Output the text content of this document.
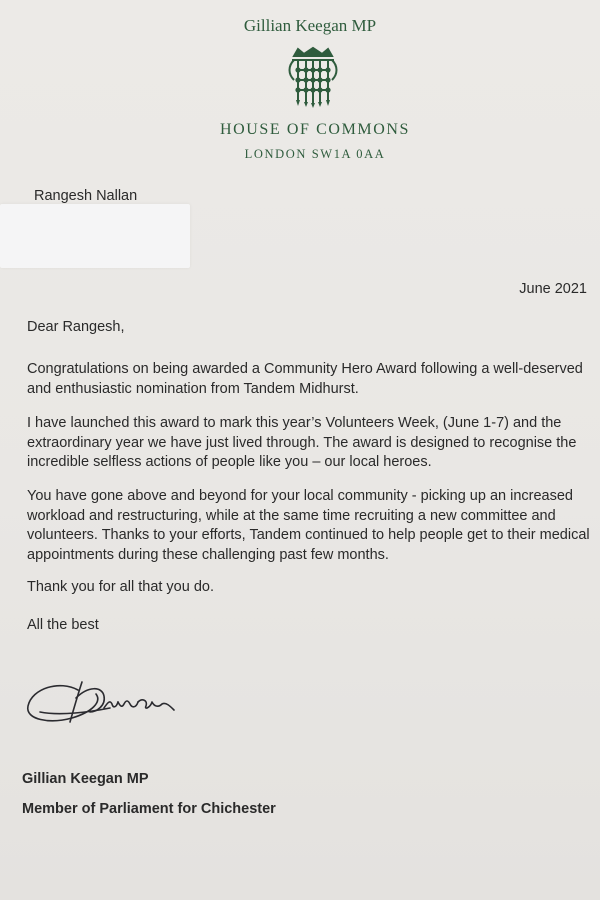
Gillian Keegan MP
HOUSE OF COMMONS
LONDON SW1A 0AA
Rangesh Nallan
June 2021
Dear Rangesh,
Congratulations on being awarded a Community Hero Award following a well-deserved and enthusiastic nomination from Tandem Midhurst.
I have launched this award to mark this year’s Volunteers Week, (June 1-7) and the extraordinary year we have just lived through. The award is designed to recognise the incredible selfless actions of people like you – our local heroes.
You have gone above and beyond for your local community - picking up an increased workload and restructuring, while at the same time recruiting a new committee and volunteers. Thanks to your efforts, Tandem continued to help people get to their medical appointments during these challenging past few months.
Thank you for all that you do.
All the best
Gillian Keegan MP
Member of Parliament for Chichester
